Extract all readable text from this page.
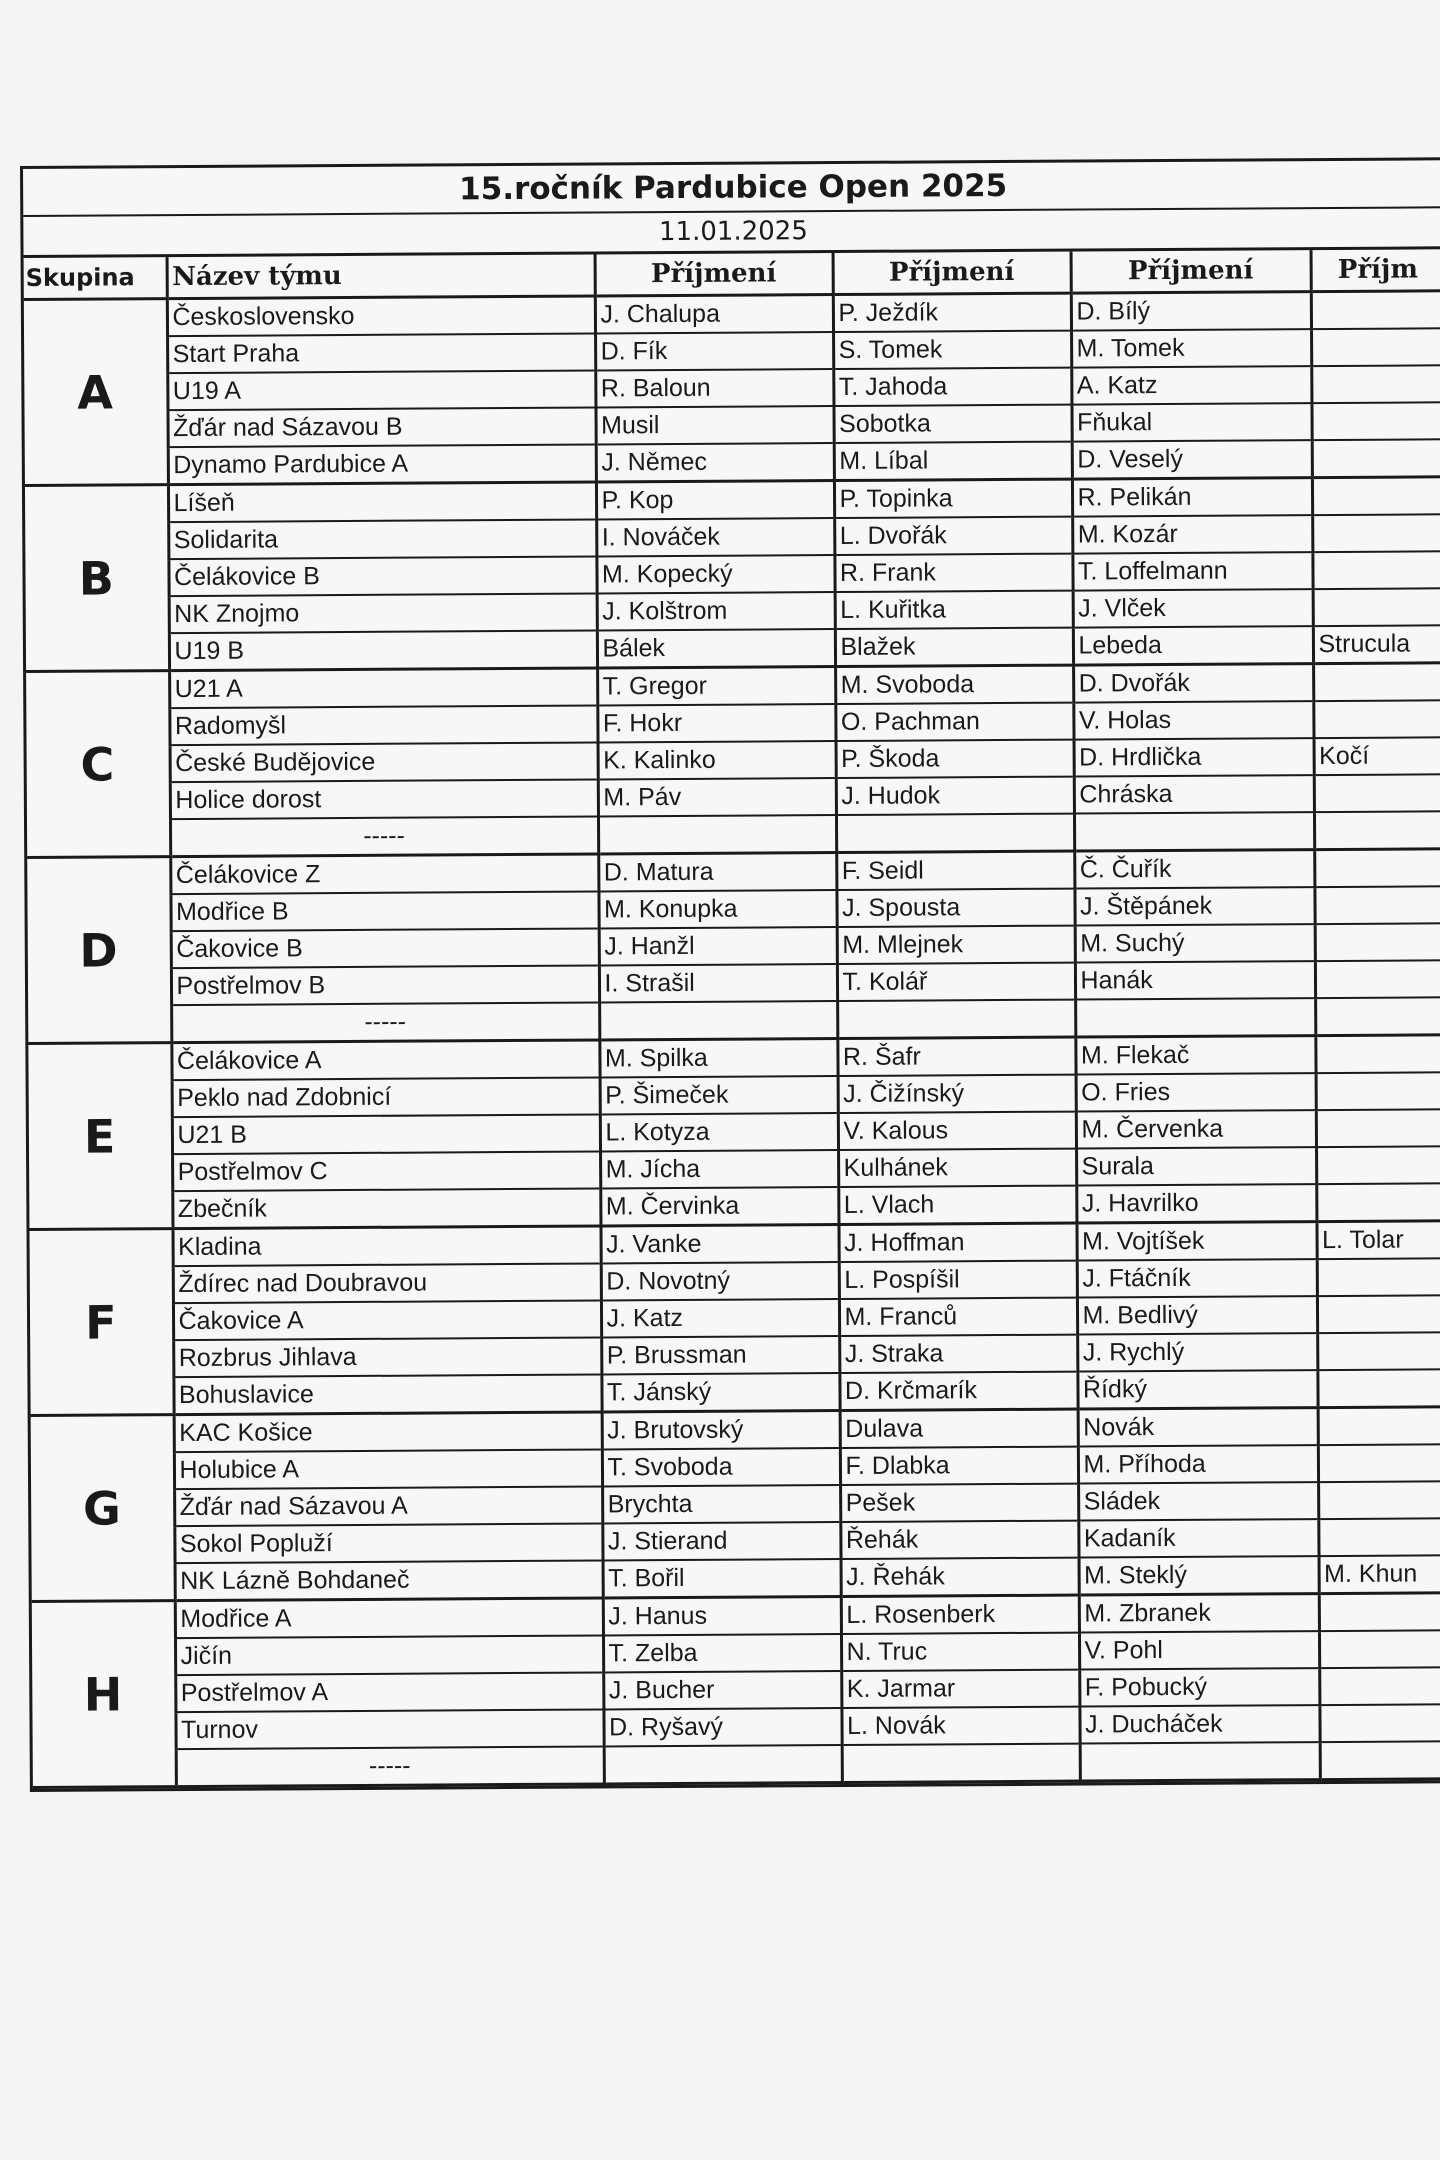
15.ročník Pardubice Open 2025
11.01.2025
Skupina	Název týmu	Příjmení	Příjmení	Příjmení	Příjm
A	Československo	J. Chalupa	P. Ježdík	D. Bílý	
	Start Praha	D. Fík	S. Tomek	M. Tomek	
	U19 A	R. Baloun	T. Jahoda	A. Katz	
	Žďár nad Sázavou B	Musil	Sobotka	Fňukal	
	Dynamo Pardubice A	J. Němec	M. Líbal	D. Veselý	
B	Líšeň	P. Kop	P. Topinka	R. Pelikán	
	Solidarita	I. Nováček	L. Dvořák	M. Kozár	
	Čelákovice B	M. Kopecký	R. Frank	T. Loffelmann	
	NK Znojmo	J. Kolštrom	L. Kuřitka	J. Vlček	
	U19 B	Bálek	Blažek	Lebeda	Strucula
C	U21 A	T. Gregor	M. Svoboda	D. Dvořák	
	Radomyšl	F. Hokr	O. Pachman	V. Holas	
	České Budějovice	K. Kalinko	P. Škoda	D. Hrdlička	Kočí
	Holice dorost	M. Páv	J. Hudok	Chráska	
	-----				
D	Čelákovice Z	D. Matura	F. Seidl	Č. Čuřík	
	Modřice B	M. Konupka	J. Spousta	J. Štěpánek	
	Čakovice B	J. Hanžl	M. Mlejnek	M. Suchý	
	Postřelmov B	I. Strašil	T. Kolář	Hanák	
	-----				
E	Čelákovice A	M. Spilka	R. Šafr	M. Flekač	
	Peklo nad Zdobnicí	P. Šimeček	J. Čižínský	O. Fries	
	U21 B	L. Kotyza	V. Kalous	M. Červenka	
	Postřelmov C	M. Jícha	Kulhánek	Surala	
	Zbečník	M. Červinka	L. Vlach	J. Havrilko	
F	Kladina	J. Vanke	J. Hoffman	M. Vojtíšek	L. Tolar
	Ždírec nad Doubravou	D. Novotný	L. Pospíšil	J. Ftáčník	
	Čakovice A	J. Katz	M. Franců	M. Bedlivý	
	Rozbrus Jihlava	P. Brussman	J. Straka	J. Rychlý	
	Bohuslavice	T. Jánský	D. Krčmarík	Řídký	
G	KAC Košice	J. Brutovský	Dulava	Novák	
	Holubice A	T. Svoboda	F. Dlabka	M. Příhoda	
	Žďár nad Sázavou A	Brychta	Pešek	Sládek	
	Sokol Popluží	J. Stierand	Řehák	Kadaník	
	NK Lázně Bohdaneč	T. Bořil	J. Řehák	M. Steklý	M. Khun
H	Modřice A	J. Hanus	L. Rosenberk	M. Zbranek	
	Jičín	T. Zelba	N. Truc	V. Pohl	
	Postřelmov A	J. Bucher	K. Jarmar	F. Pobucký	
	Turnov	D. Ryšavý	L. Novák	J. Ducháček	
	-----				
